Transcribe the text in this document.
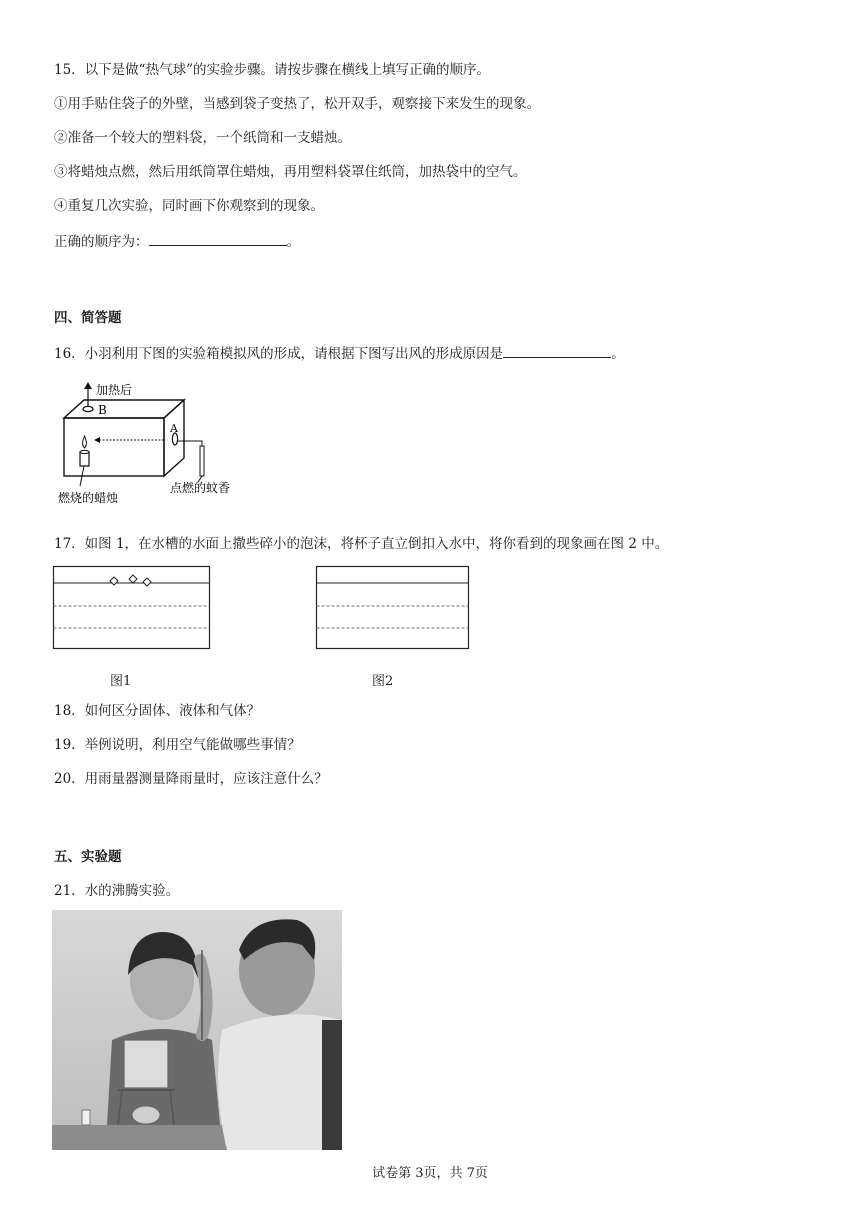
15．以下是做“热气球”的实验步骤。请按步骤在横线上填写正确的顺序。
①用手贴住袋子的外壁，当感到袋子变热了，松开双手，观察接下来发生的现象。
②准备一个较大的塑料袋，一个纸筒和一支蜡烛。
③将蜡烛点燃，然后用纸筒罩住蜡烛，再用塑料袋罩住纸筒，加热袋中的空气。
④重复几次实验，同时画下你观察到的现象。
正确的顺序为：	。
四、简答题
16．小羽利用下图的实验箱模拟风的形成，请根据下图写出风的形成原因是	。
B
加热后
A
燃烧的蜡烛
点燃的蚊香
17．如图 1，在水槽的水面上撒些碎小的泡沫，将杯子直立倒扣入水中，将你看到的现象画在图 2 中。
图1	图2
18．如何区分固体、液体和气体？
19．举例说明，利用空气能做哪些事情？
20．用雨量器测量降雨量时，应该注意什么？
五、实验题
21．水的沸腾实验。
试卷第 3页，共 7页
